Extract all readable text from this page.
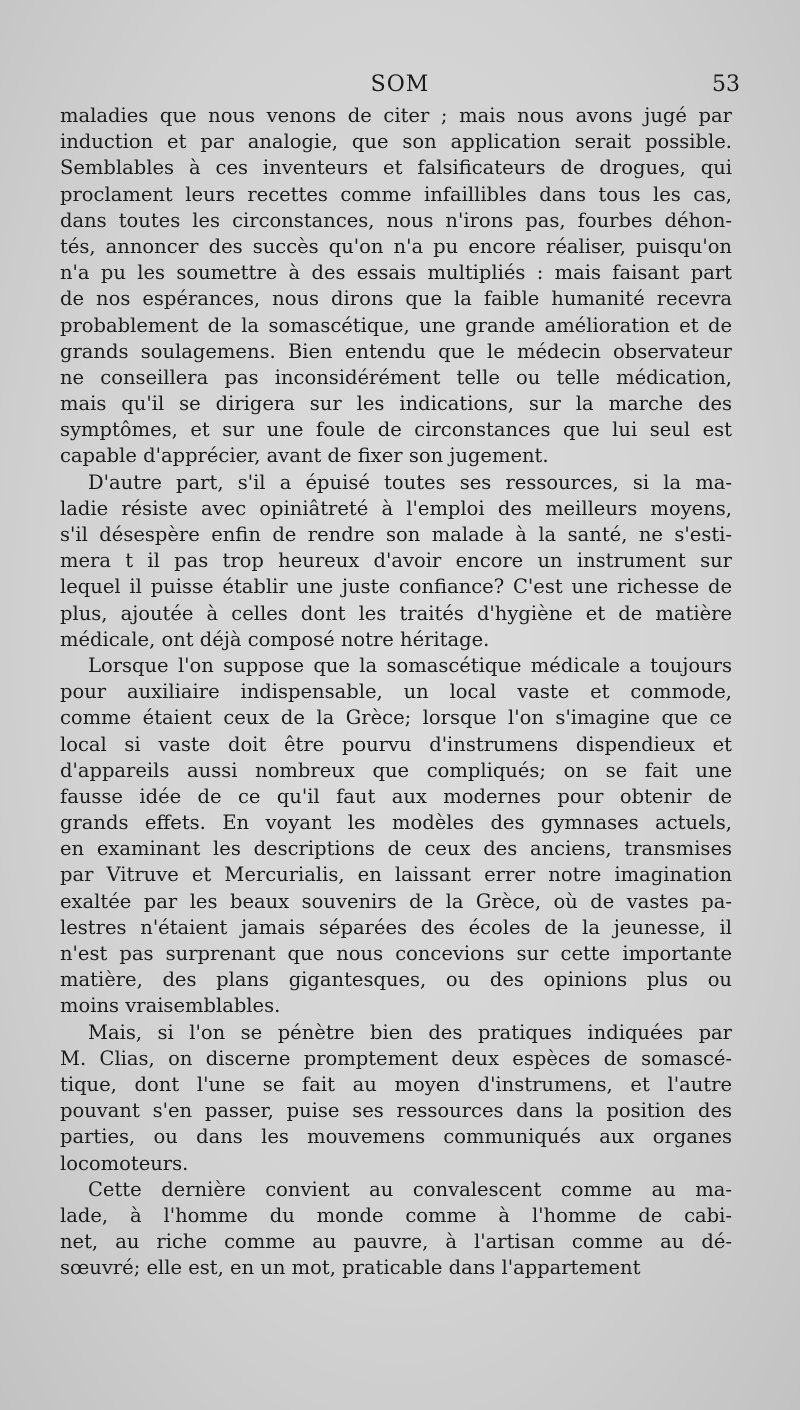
SOM	53
maladies que nous venons de citer ; mais nous avons jugé par
induction et par analogie, que son application serait possible.
Semblables à ces inventeurs et falsificateurs de drogues, qui
proclament leurs recettes comme infaillibles dans tous les cas,
dans toutes les circonstances, nous n'irons pas, fourbes déhon-
tés, annoncer des succès qu'on n'a pu encore réaliser, puisqu'on
n'a pu les soumettre à des essais multipliés : mais faisant part
de nos espérances, nous dirons que la faible humanité recevra
probablement de la somascétique, une grande amélioration et de
grands soulagemens. Bien entendu que le médecin observateur
ne conseillera pas inconsidérément telle ou telle médication,
mais qu'il se dirigera sur les indications, sur la marche des
symptômes, et sur une foule de circonstances que lui seul est
capable d'apprécier, avant de fixer son jugement.
D'autre part, s'il a épuisé toutes ses ressources, si la ma-
ladie résiste avec opiniâtreté à l'emploi des meilleurs moyens,
s'il désespère enfin de rendre son malade à la santé, ne s'esti-
mera t il pas trop heureux d'avoir encore un instrument sur
lequel il puisse établir une juste confiance? C'est une richesse de
plus, ajoutée à celles dont les traités d'hygiène et de matière
médicale, ont déjà composé notre héritage.
Lorsque l'on suppose que la somascétique médicale a toujours
pour auxiliaire indispensable, un local vaste et commode,
comme étaient ceux de la Grèce; lorsque l'on s'imagine que ce
local si vaste doit être pourvu d'instrumens dispendieux et
d'appareils aussi nombreux que compliqués; on se fait une
fausse idée de ce qu'il faut aux modernes pour obtenir de
grands effets. En voyant les modèles des gymnases actuels,
en examinant les descriptions de ceux des anciens, transmises
par Vitruve et Mercurialis, en laissant errer notre imagination
exaltée par les beaux souvenirs de la Grèce, où de vastes pa-
lestres n'étaient jamais séparées des écoles de la jeunesse, il
n'est pas surprenant que nous concevions sur cette importante
matière, des plans gigantesques, ou des opinions plus ou
moins vraisemblables.
Mais, si l'on se pénètre bien des pratiques indiquées par
M. Clias, on discerne promptement deux espèces de somascé-
tique, dont l'une se fait au moyen d'instrumens, et l'autre
pouvant s'en passer, puise ses ressources dans la position des
parties, ou dans les mouvemens communiqués aux organes
locomoteurs.
Cette dernière convient au convalescent comme au ma-
lade, à l'homme du monde comme à l'homme de cabi-
net, au riche comme au pauvre, à l'artisan comme au dé-
sœuvré; elle est, en un mot, praticable dans l'appartement
